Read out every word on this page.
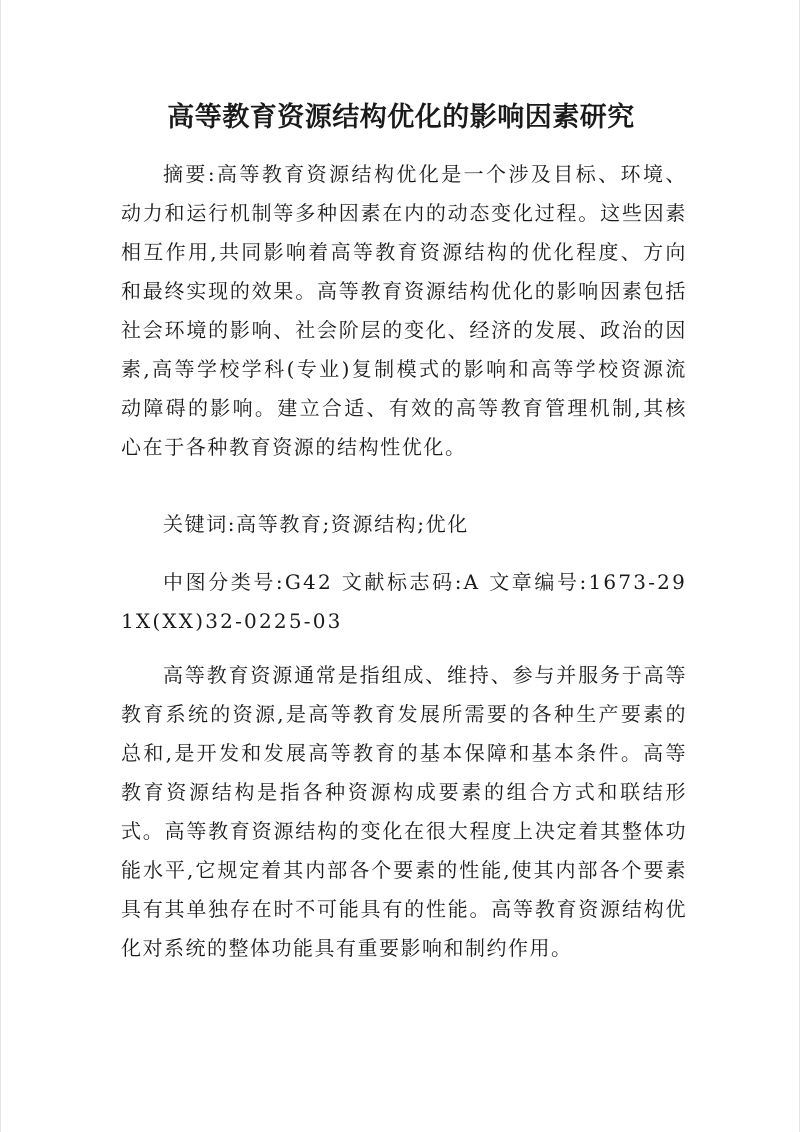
高等教育资源结构优化的影响因素研究

摘要:高等教育资源结构优化是一个涉及目标、环境、动力和运行机制等多种因素在内的动态变化过程。这些因素相互作用,共同影响着高等教育资源结构的优化程度、方向和最终实现的效果。高等教育资源结构优化的影响因素包括社会环境的影响、社会阶层的变化、经济的发展、政治的因素,高等学校学科(专业)复制模式的影响和高等学校资源流动障碍的影响。建立合适、有效的高等教育管理机制,其核心在于各种教育资源的结构性优化。

关键词:高等教育;资源结构;优化

中图分类号:G42 文献标志码:A 文章编号:1673-291X(XX)32-0225-03

高等教育资源通常是指组成、维持、参与并服务于高等教育系统的资源,是高等教育发展所需要的各种生产要素的总和,是开发和发展高等教育的基本保障和基本条件。高等教育资源结构是指各种资源构成要素的组合方式和联结形式。高等教育资源结构的变化在很大程度上决定着其整体功能水平,它规定着其内部各个要素的性能,使其内部各个要素具有其单独存在时不可能具有的性能。高等教育资源结构优化对系统的整体功能具有重要影响和制约作用。
